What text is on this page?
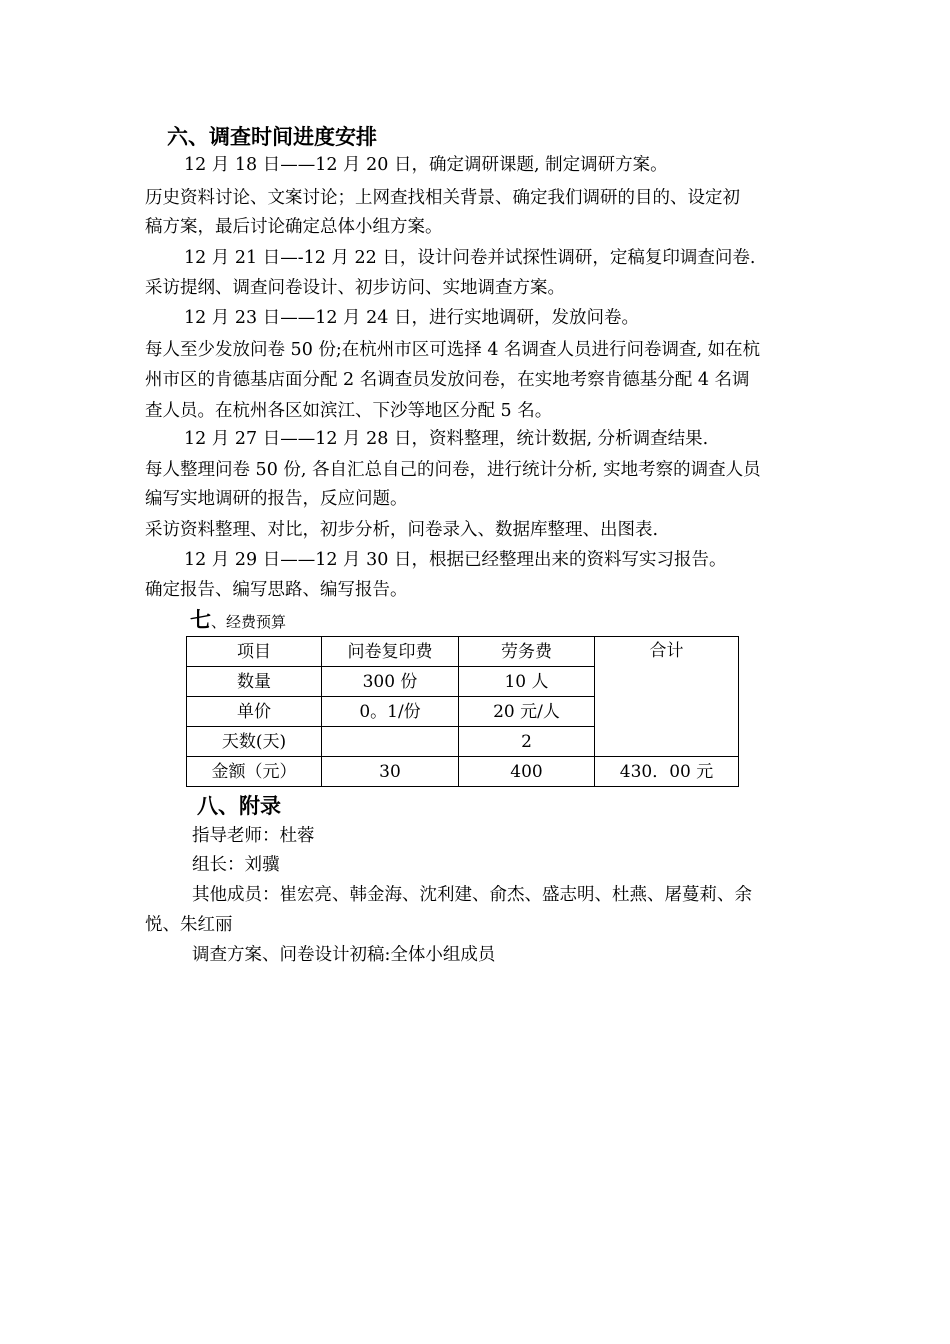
六、调查时间进度安排
12 月 18 日——12 月 20 日，确定调研课题, 制定调研方案。
历史资料讨论、文案讨论；上网查找相关背景、确定我们调研的目的、设定初
稿方案，最后讨论确定总体小组方案。
12 月 21 日—-12 月 22 日，设计问卷并试探性调研，定稿复印调查问卷.
采访提纲、调查问卷设计、初步访问、实地调查方案。
12 月 23 日——12 月 24 日，进行实地调研，发放问卷。
每人至少发放问卷 50 份;在杭州市区可选择 4 名调查人员进行问卷调查, 如在杭
州市区的肯德基店面分配 2 名调查员发放问卷，在实地考察肯德基分配 4 名调
查人员。在杭州各区如滨江、下沙等地区分配 5 名。
12 月 27 日——12 月 28 日，资料整理，统计数据, 分析调查结果.
每人整理问卷 50 份, 各自汇总自己的问卷，进行统计分析, 实地考察的调查人员
编写实地调研的报告，反应问题。
采访资料整理、对比，初步分析，问卷录入、数据库整理、出图表.
12 月 29 日——12 月 30 日，根据已经整理出来的资料写实习报告。
确定报告、编写思路、编写报告。
七、经费预算
项目	问卷复印费	劳务费	合计
数量	300 份	10 人	
单价	0。1/份	20 元/人	
天数(天)		2	
金额（元）	30	400	430．00 元
八、附录
指导老师：杜蓉
组长：刘骥
其他成员：崔宏亮、韩金海、沈利建、俞杰、盛志明、杜燕、屠蔓莉、余
悦、朱红丽
调查方案、问卷设计初稿:全体小组成员
